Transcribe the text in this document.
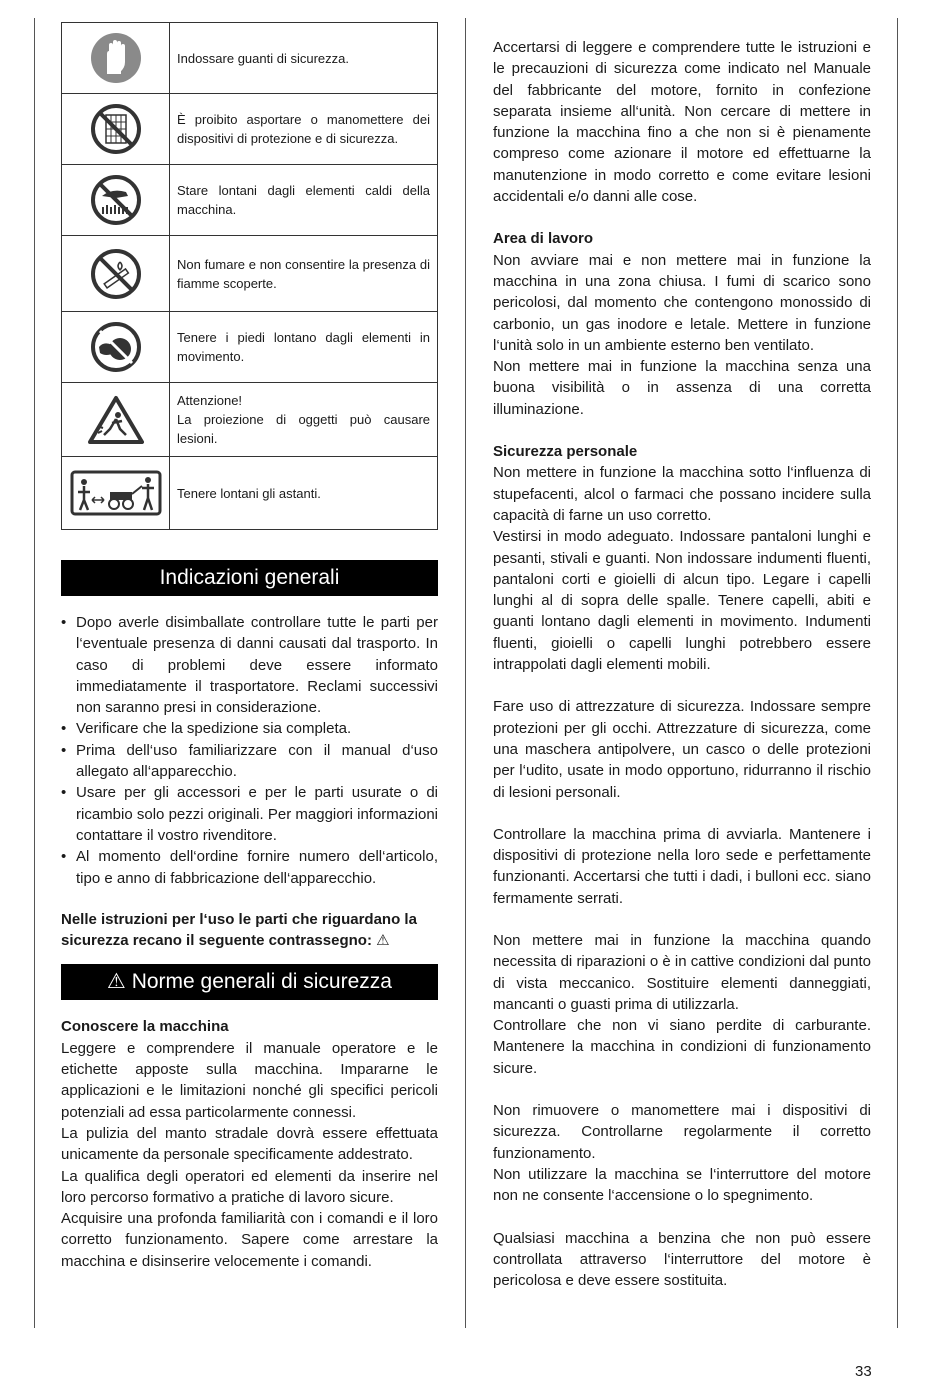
	Indossare guanti di sicurezza.

	È proibito asportare o manomettere dei dispositivi di protezione e di sicurezza.

	Stare lontani dagli elementi caldi della macchina.

	Non fumare e non consentire la presenza di fiamme scoperte.

	Tenere i piedi lontano dagli elementi in movimento.

	Attenzione!
La proiezione di oggetti può causare lesioni.

	Tenere lontani gli astanti.
Indicazioni generali
• Dopo averle disimballate controllare tutte le parti per l‘eventuale presenza di danni causati dal trasporto. In caso di problemi deve essere informato immediatamente il trasportatore. Reclami successivi non saranno presi in considerazione.
• Verificare che la spedizione sia completa.
• Prima dell‘uso familiarizzare con il manual d‘uso allegato all‘apparecchio.
• Usare per gli accessori e per le parti usurate o di ricambio solo pezzi originali. Per maggiori informazioni contattare il vostro rivenditore.
• Al momento dell‘ordine fornire numero dell‘articolo, tipo e anno di fabbricazione dell‘apparecchio.

Nelle istruzioni per l‘uso le parti che riguardano la sicurezza recano il seguente contrassegno: ⚠

⚠ Norme generali di sicurezza
Conoscere la macchina

Leggere e comprendere il manuale operatore e le etichette apposte sulla macchina. Impararne le applicazioni e le limitazioni nonché gli specifici pericoli potenziali ad essa particolarmente connessi.

La pulizia del manto stradale dovrà essere effettuata unicamente da personale specificamente addestrato.

La qualifica degli operatori ed elementi da inserire nel loro percorso formativo a pratiche di lavoro sicure.

Acquisire una profonda familiarità con i comandi e il loro corretto funzionamento. Sapere come arrestare la macchina e disinserire velocemente i comandi.

Accertarsi di leggere e comprendere tutte le istruzioni e le precauzioni di sicurezza come indicato nel Manuale del fabbricante del motore, fornito in confezione separata insieme all‘unità. Non cercare di mettere in funzione la macchina fino a che non si è pienamente compreso come azionare il motore ed effettuarne la manutenzione in modo corretto e come evitare lesioni accidentali e/o danni alle cose.

Area di lavoro

Non avviare mai e non mettere mai in funzione la macchina in una zona chiusa. I fumi di scarico sono pericolosi, dal momento che contengono monossido di carbonio, un gas inodore e letale. Mettere in funzione l‘unità solo in un ambiente esterno ben ventilato.

Non mettere mai in funzione la macchina senza una buona visibilità o in assenza di una corretta illuminazione.

Sicurezza personale

Non mettere in funzione la macchina sotto l‘influenza di stupefacenti, alcol o farmaci che possano incidere sulla capacità di farne un uso corretto.

Vestirsi in modo adeguato. Indossare pantaloni lunghi e pesanti, stivali e guanti. Non indossare indumenti fluenti, pantaloni corti e gioielli di alcun tipo. Legare i capelli lunghi al di sopra delle spalle. Tenere capelli, abiti e guanti lontano dagli elementi in movimento. Indumenti fluenti, gioielli o capelli lunghi potrebbero essere intrappolati dagli elementi mobili.

Fare uso di attrezzature di sicurezza. Indossare sempre protezioni per gli occhi. Attrezzature di sicurezza, come una maschera antipolvere, un casco o delle protezioni per l‘udito, usate in modo opportuno, ridurranno il rischio di lesioni personali.

Controllare la macchina prima di avviarla. Mantenere i dispositivi di protezione nella loro sede e perfettamente funzionanti. Accertarsi che tutti i dadi, i bulloni ecc. siano fermamente serrati.

Non mettere mai in funzione la macchina quando necessita di riparazioni o è in cattive condizioni dal punto di vista meccanico. Sostituire elementi danneggiati, mancanti o guasti prima di utilizzarla.

Controllare che non vi siano perdite di carburante. Mantenere la macchina in condizioni di funzionamento sicure.

Non rimuovere o manomettere mai i dispositivi di sicurezza. Controllarne regolarmente il corretto funzionamento.

Non utilizzare la macchina se l‘interruttore del motore non ne consente l‘accensione o lo spegnimento.

Qualsiasi macchina a benzina che non può essere controllata attraverso l‘interruttore del motore è pericolosa e deve essere sostituita.

33
